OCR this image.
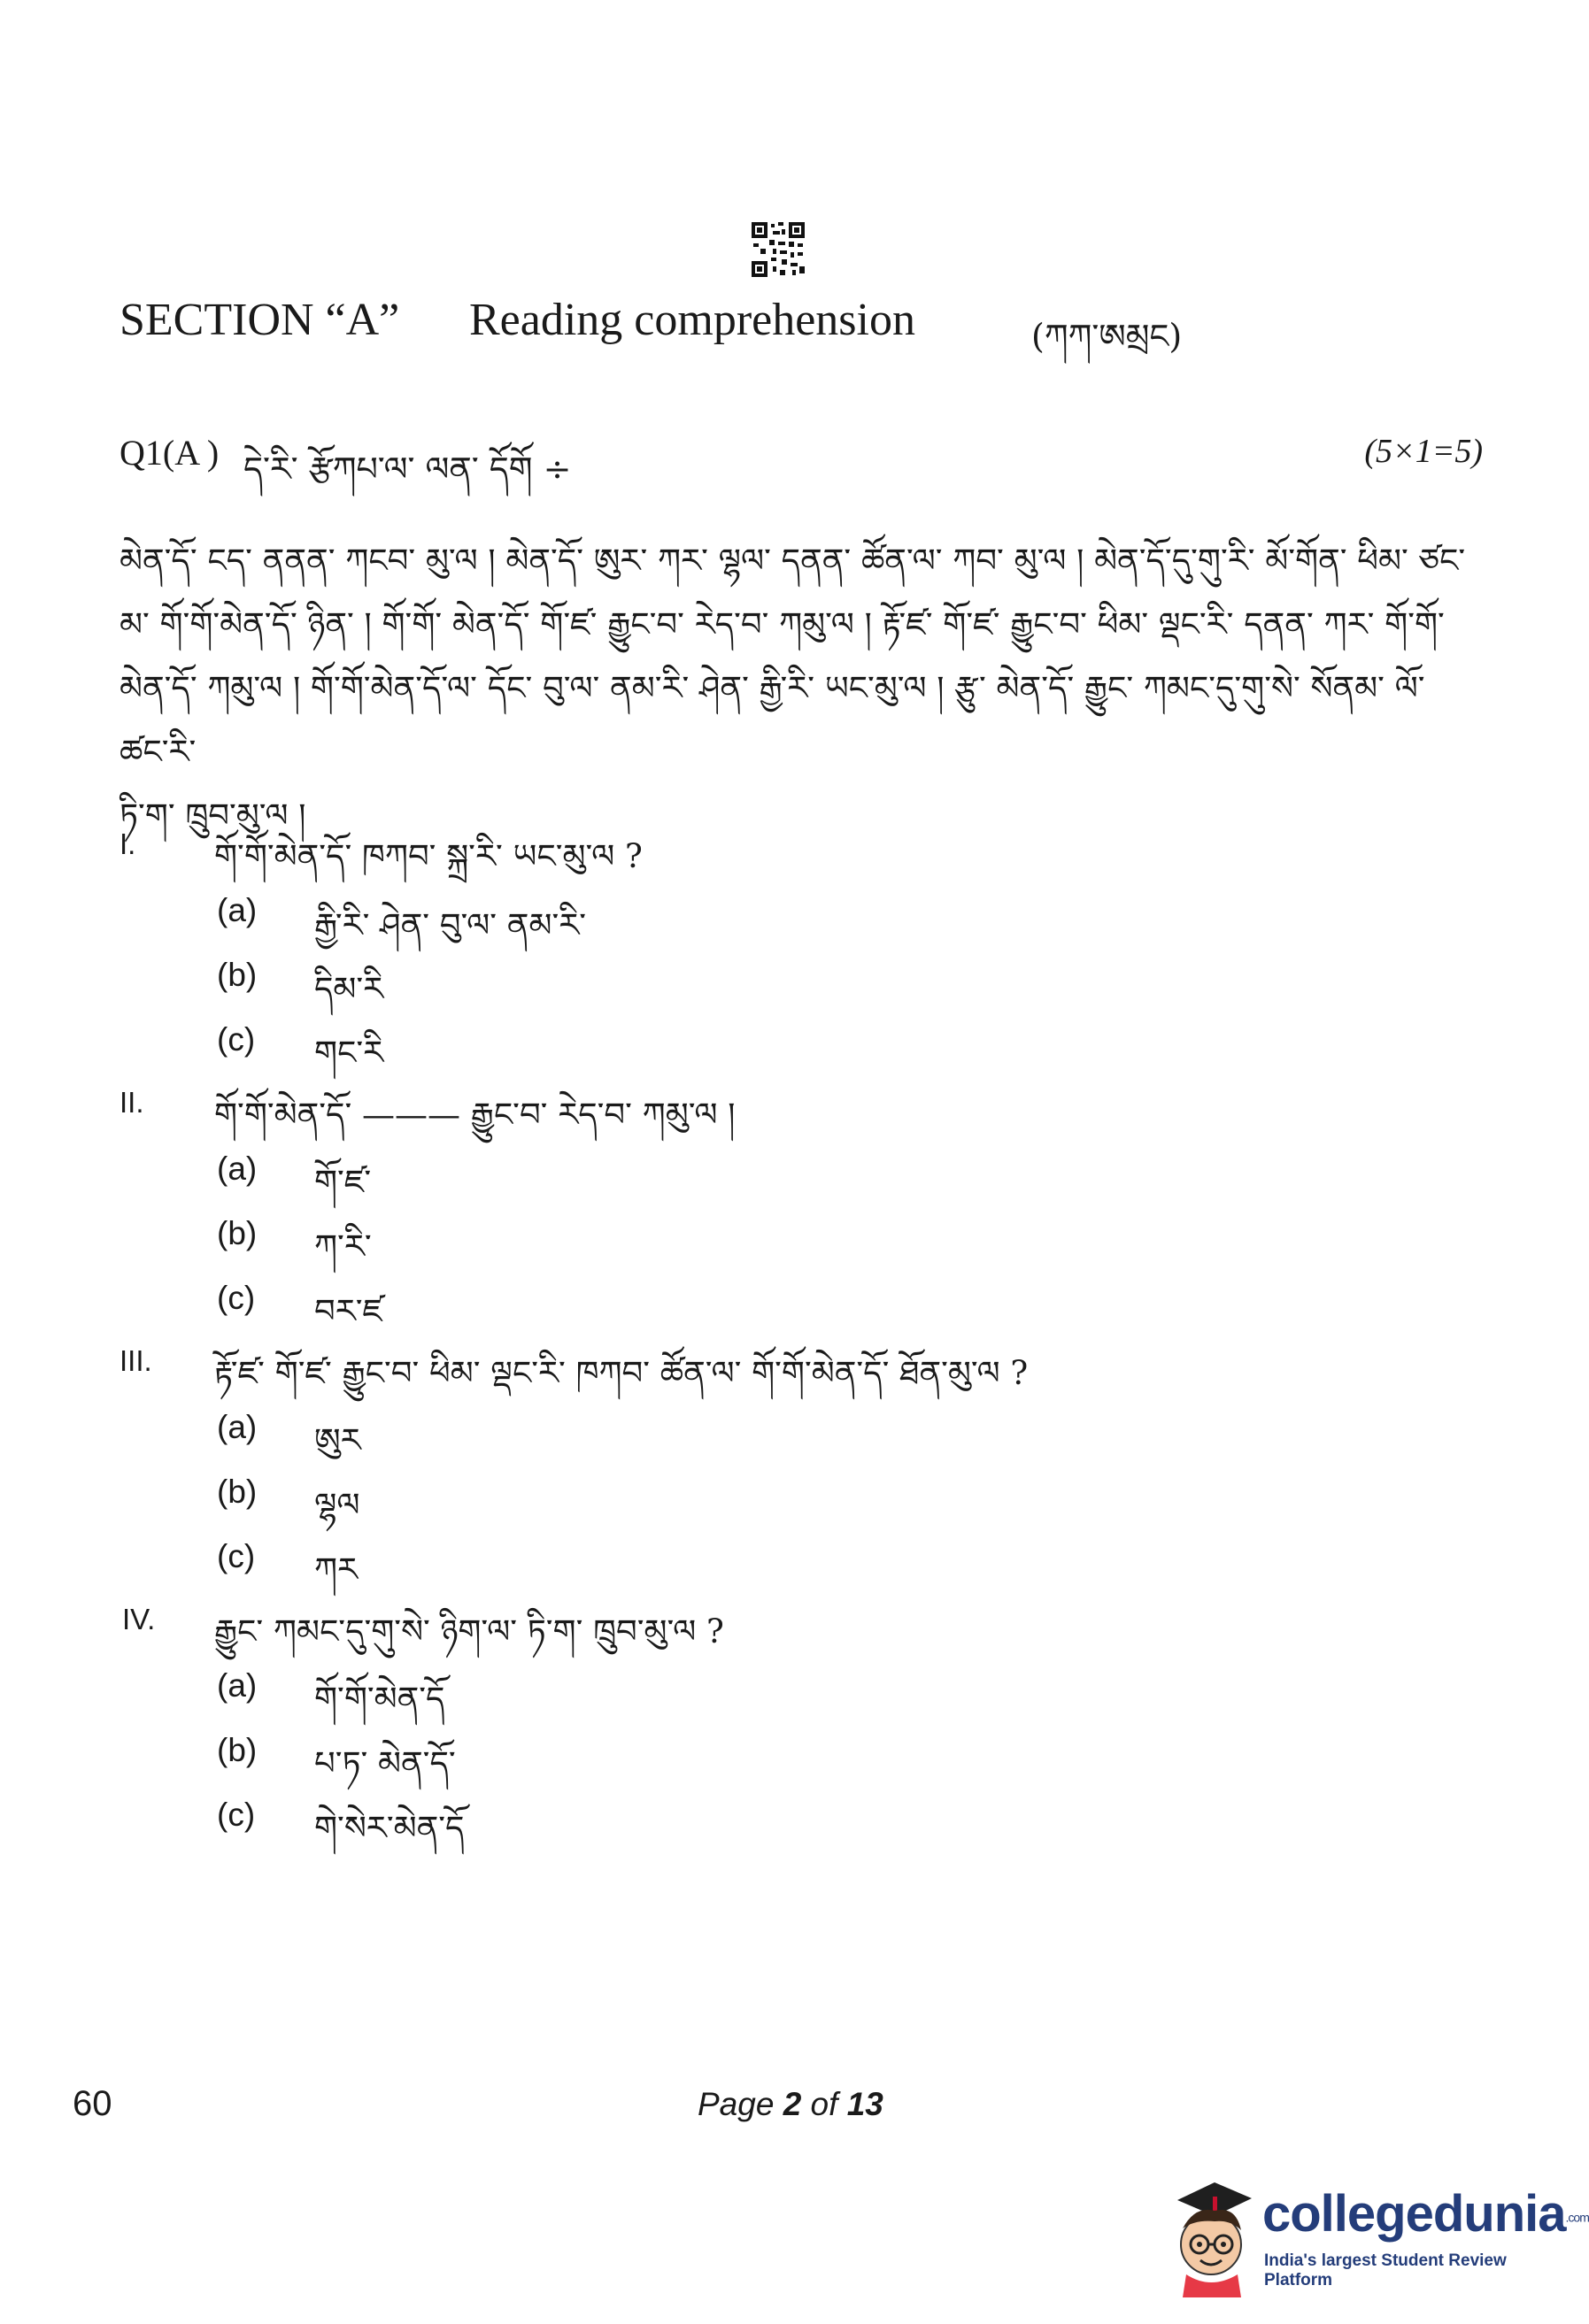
SECTION “A” Reading comprehension	(ཀཀ་ཨམྲང)
Q1(A ) དེ་རི་ རྩོཀཔ་ལ་ ལན་ དོགོ ÷	(5×1=5)
མེན་དོ་ ངད་ ནནན་ ཀངབ་ མུ་ལ ། མེན་དོ་ ཨུར་ ཀར་ ལྷལ་ དནན་ ཚོན་ལ་ ཀབ་ མུ་ལ ། མེན་དོ་དུ་གུ་རི་ མོ་གོན་ ཕིམ་ ཙང་
མ་ གོ་གོ་མེན་དོ་ ཉིན་ ། གོ་གོ་ མེན་དོ་ གོ་ཛ་ རྒྱུང་བ་ རེད་བ་ ཀམུ་ལ ། རྟོ་ཛ་ གོ་ཛ་ རྒྱུང་བ་ ཕིམ་ ལྡང་རི་ དནན་ ཀར་ གོ་གོ་
མེན་དོ་ ཀམུ་ལ ། གོ་གོ་མེན་དོ་ལ་ དོང་ བུ་ལ་ ནམ་རི་ ཤེན་ རྒྱི་རི་ ཡང་མུ་ལ ། རྩུ་ མེན་དོ་ རྒྱུང་ ཀམང་དུ་གུ་སེ་ སོནམ་ ལོ་ཚང་རི་
ཏི་ག་ ཁྲུབ་མུ་ལ །
I. གོ་གོ་མེན་དོ་ ཁཀབ་ སྐྲ་རི་ ཡང་མུ་ལ ?
(a) རྒྱི་རི་ ཤེན་ བུ་ལ་ ནམ་རི་
(b) དིམ་རི
(c) གང་རི
II. གོ་གོ་མེན་དོ་ ——— རྒྱུང་བ་ རེད་བ་ ཀམུ་ལ །
(a) གོ་ཛ་
(b) ཀ་རི་
(c) བར་ཛ
III. རྟོ་ཛ་ གོ་ཛ་ རྒྱུང་བ་ ཕིམ་ ལྡང་རི་ ཁཀབ་ ཚོན་ལ་ གོ་གོ་མེན་དོ་ ཐོན་མུ་ལ ?
(a) ཨུར
(b) ལྷལ
(c) ཀར
IV. རྒྱུང་ ཀམང་དུ་གུ་སེ་ ཉིག་ལ་ ཏི་ག་ ཁྲུབ་མུ་ལ ?
(a) གོ་གོ་མེན་དོ
(b) པ་ཏ་ མེན་དོ་
(c) གེ་སེར་མེན་དོ
60	Page 2 of 13
collegedunia.com
India's largest Student Review Platform
